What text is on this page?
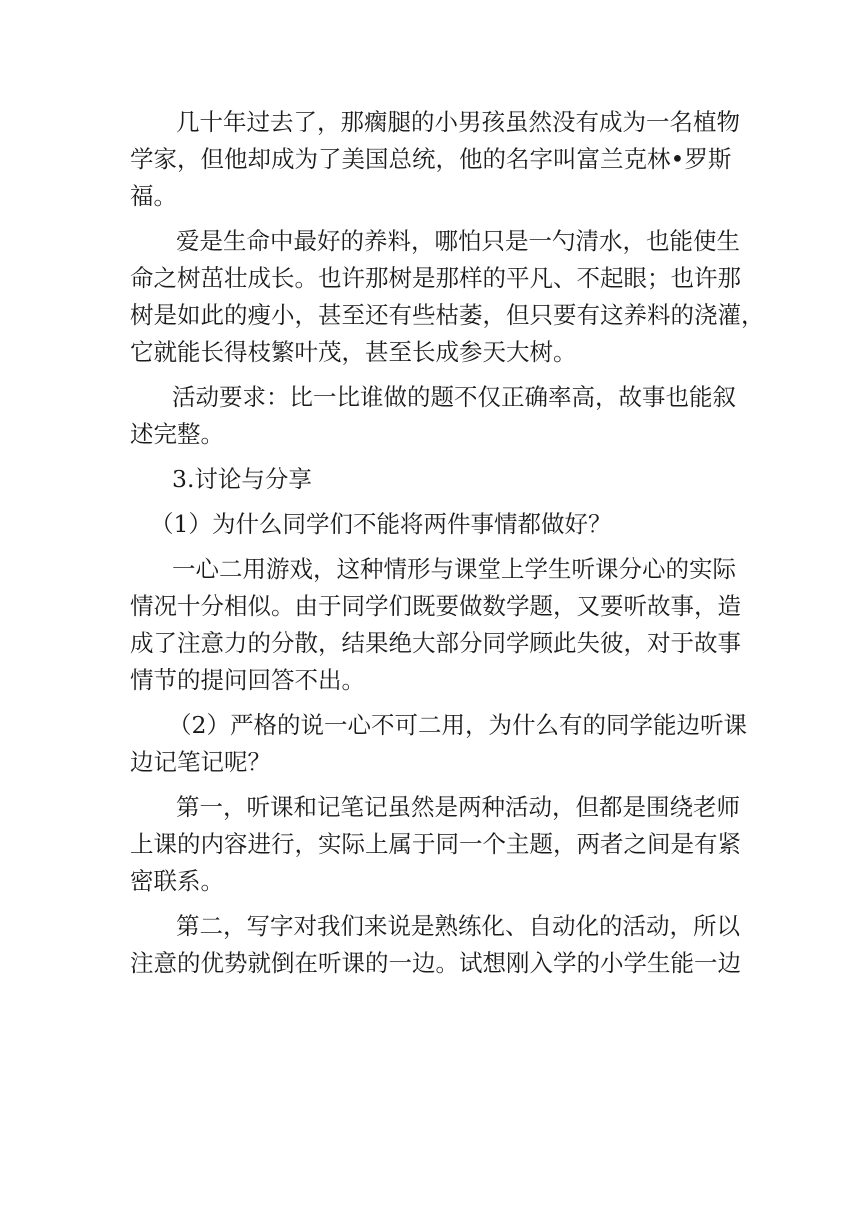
几十年过去了，那瘸腿的小男孩虽然没有成为一名植物
学家，但他却成为了美国总统，他的名字叫富兰克林•罗斯
福。
爱是生命中最好的养料，哪怕只是一勺清水，也能使生
命之树茁壮成长。也许那树是那样的平凡、不起眼；也许那
树是如此的瘦小，甚至还有些枯萎，但只要有这养料的浇灌，
它就能长得枝繁叶茂，甚至长成参天大树。
活动要求：比一比谁做的题不仅正确率高，故事也能叙
述完整。
3.讨论与分享
（1）为什么同学们不能将两件事情都做好？
一心二用游戏，这种情形与课堂上学生听课分心的实际
情况十分相似。由于同学们既要做数学题，又要听故事，造
成了注意力的分散，结果绝大部分同学顾此失彼，对于故事
情节的提问回答不出。
（2）严格的说一心不可二用，为什么有的同学能边听课
边记笔记呢？
第一，听课和记笔记虽然是两种活动，但都是围绕老师
上课的内容进行，实际上属于同一个主题，两者之间是有紧
密联系。
第二，写字对我们来说是熟练化、自动化的活动，所以
注意的优势就倒在听课的一边。试想刚入学的小学生能一边
